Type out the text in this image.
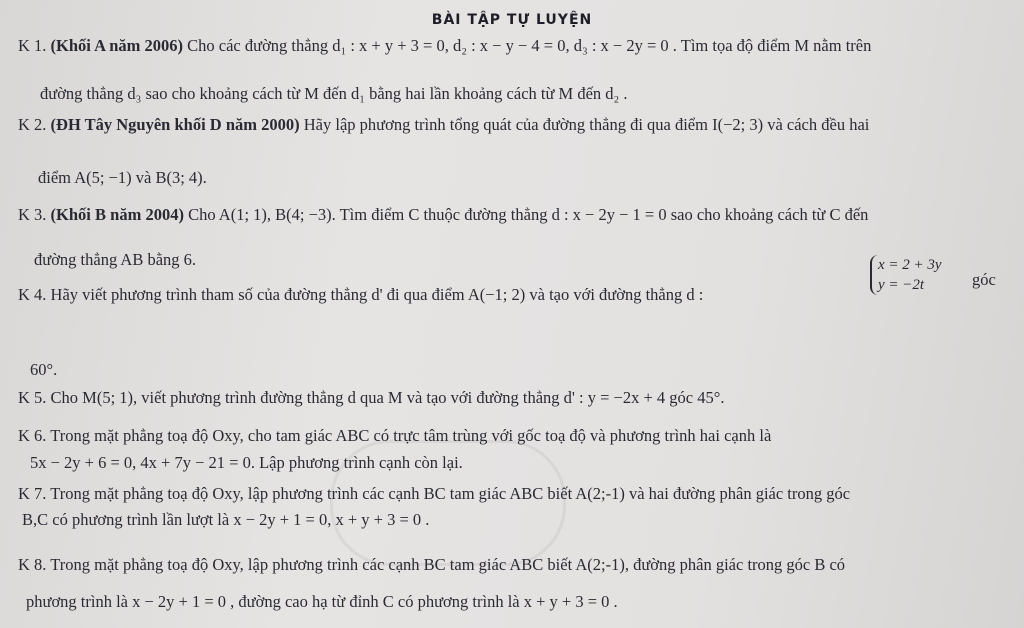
BÀI TẬP TỰ LUYỆN
K 1. (Khối A năm 2006) Cho các đường thẳng d₁ : x + y + 3 = 0, d₂ : x − y − 4 = 0, d₃ : x − 2y = 0 . Tìm tọa độ điểm M nằm trên
đường thẳng d₃ sao cho khoảng cách từ M đến d₁ bằng hai lần khoảng cách từ M đến d₂ .
K 2. (ĐH Tây Nguyên khối D năm 2000) Hãy lập phương trình tổng quát của đường thẳng đi qua điểm I(−2; 3) và cách đều hai
điểm A(5; −1) và B(3; 4).
K 3. (Khối B năm 2004) Cho A(1; 1), B(4; −3). Tìm điểm C thuộc đường thẳng d : x − 2y − 1 = 0 sao cho khoảng cách từ C đến
đường thẳng AB bằng 6.
K 4. Hãy viết phương trình tham số của đường thẳng d' đi qua điểm A(−1; 2) và tạo với đường thẳng d :
x = 2 + 3y
y = −2t	góc
60°.
K 5. Cho M(5; 1), viết phương trình đường thẳng d qua M và tạo với đường thẳng d' : y = −2x + 4 góc 45°.
K 6. Trong mặt phẳng toạ độ Oxy, cho tam giác ABC có trực tâm trùng với gốc toạ độ và phương trình hai cạnh là
5x − 2y + 6 = 0, 4x + 7y − 21 = 0. Lập phương trình cạnh còn lại.
K 7. Trong mặt phẳng toạ độ Oxy, lập phương trình các cạnh BC tam giác ABC biết A(2;-1) và hai đường phân giác trong góc
B,C có phương trình lần lượt là x − 2y + 1 = 0, x + y + 3 = 0 .
K 8. Trong mặt phẳng toạ độ Oxy, lập phương trình các cạnh BC tam giác ABC biết A(2;-1), đường phân giác trong góc B có
phương trình là x − 2y + 1 = 0 , đường cao hạ từ đỉnh C có phương trình là x + y + 3 = 0 .
